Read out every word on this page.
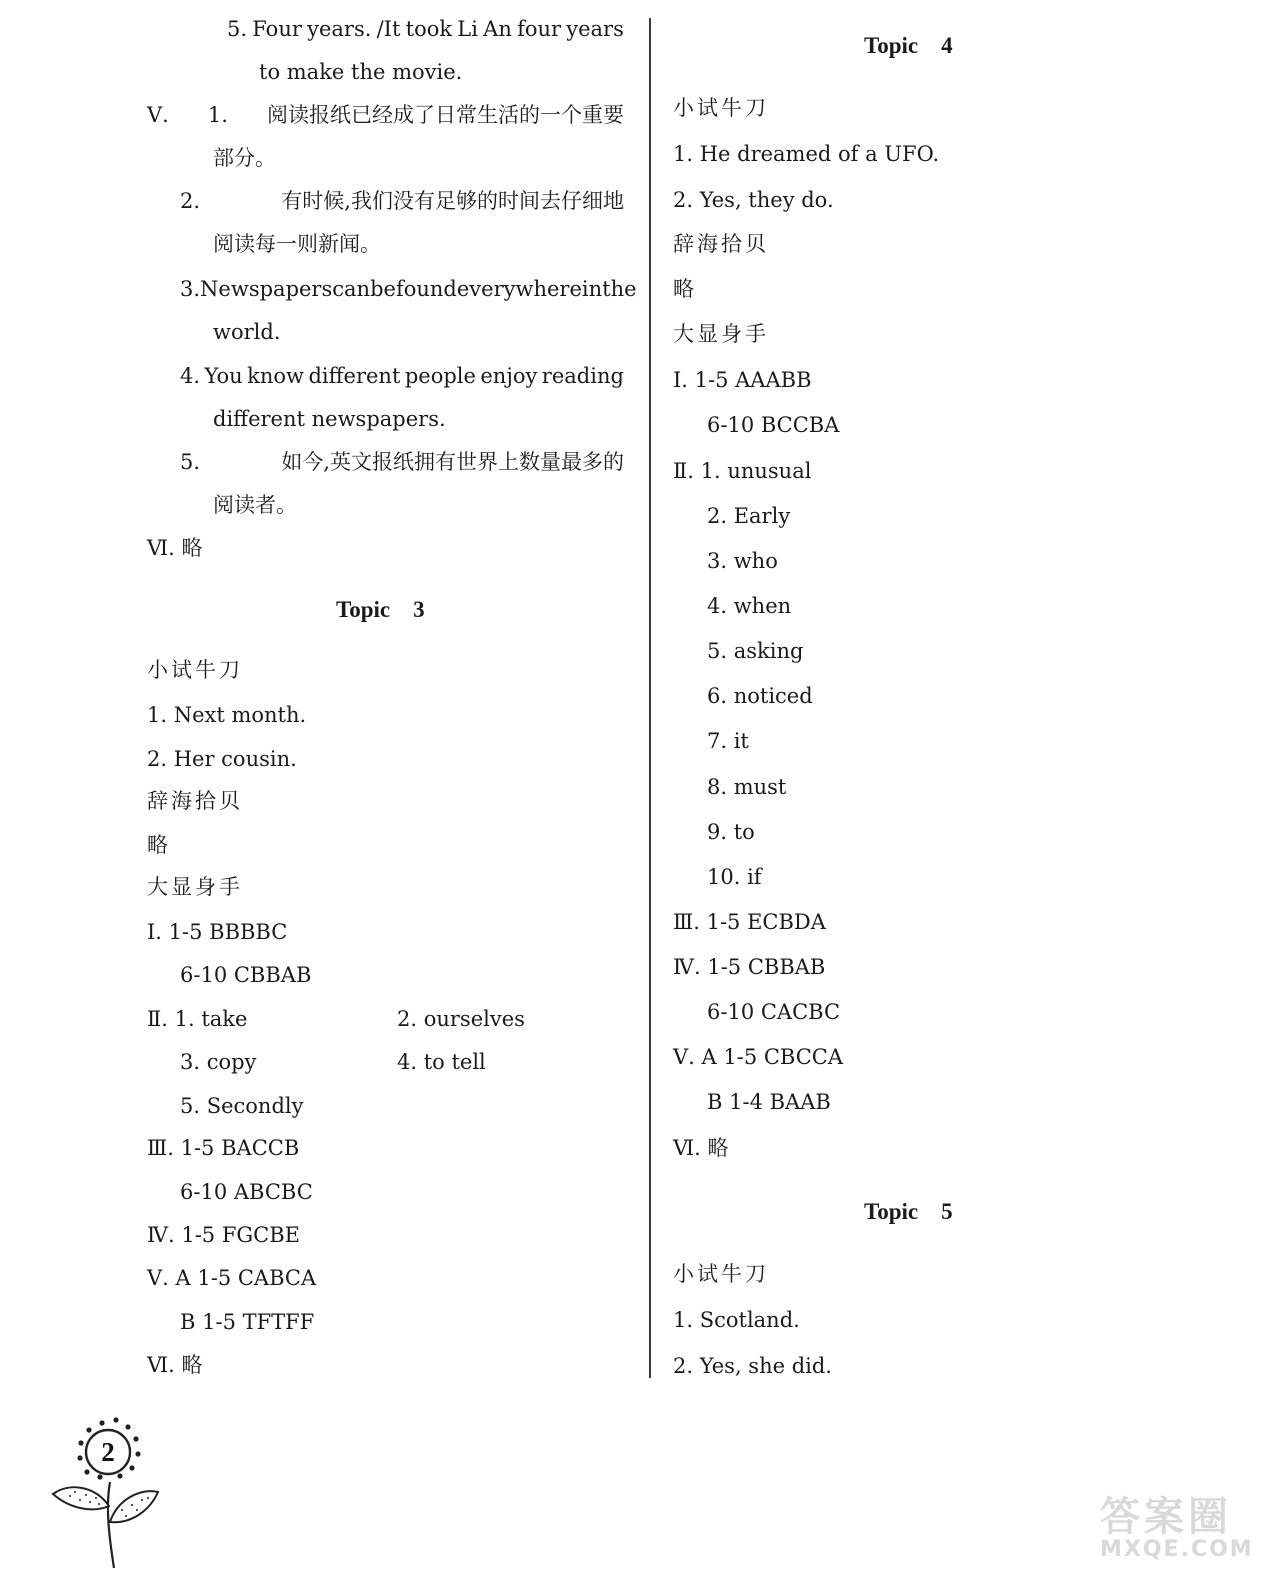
5. Four years. /It took Li An four years
to make the movie.
Ⅴ. 1. 阅读报纸已经成了日常生活的一个重要
部分。
2.	有时候,我们没有足够的时间去仔细地
阅读每一则新闻。
3. Newspapers can be found everywhere in the
world.
4. You know different people enjoy reading
different newspapers.
5.	如今,英文报纸拥有世界上数量最多的
阅读者。
Ⅵ. 略
小试牛刀
1. Next month.
2. Her cousin.
辞海拾贝
略
大显身手
Ⅰ. 1-5 BBBBC
6-10 CBBAB
Ⅱ. 1. take	2. ourselves
3. copy	4. to tell
5. Secondly
Ⅲ. 1-5 BACCB
6-10 ABCBC
Ⅳ. 1-5 FGCBE
Ⅴ. A 1-5 CABCA
B 1-5 TFTFF
Ⅵ. 略
小试牛刀
1. He dreamed of a UFO.
2. Yes, they do.
辞海拾贝
略
大显身手
Ⅰ. 1-5 AAABB
6-10 BCCBA
Ⅱ. 1. unusual
2. Early
3. who
4. when
5. asking
6. noticed
7. it
8. must
9. to
10. if
Ⅲ. 1-5 ECBDA
Ⅳ. 1-5 CBBAB
6-10 CACBC
Ⅴ. A 1-5 CBCCA
B 1-4 BAAB
Ⅵ. 略
小试牛刀
1. Scotland.
2. Yes, she did.
Topic    3
Topic    4
Topic    5
2
答案圈
MXQE.COM
